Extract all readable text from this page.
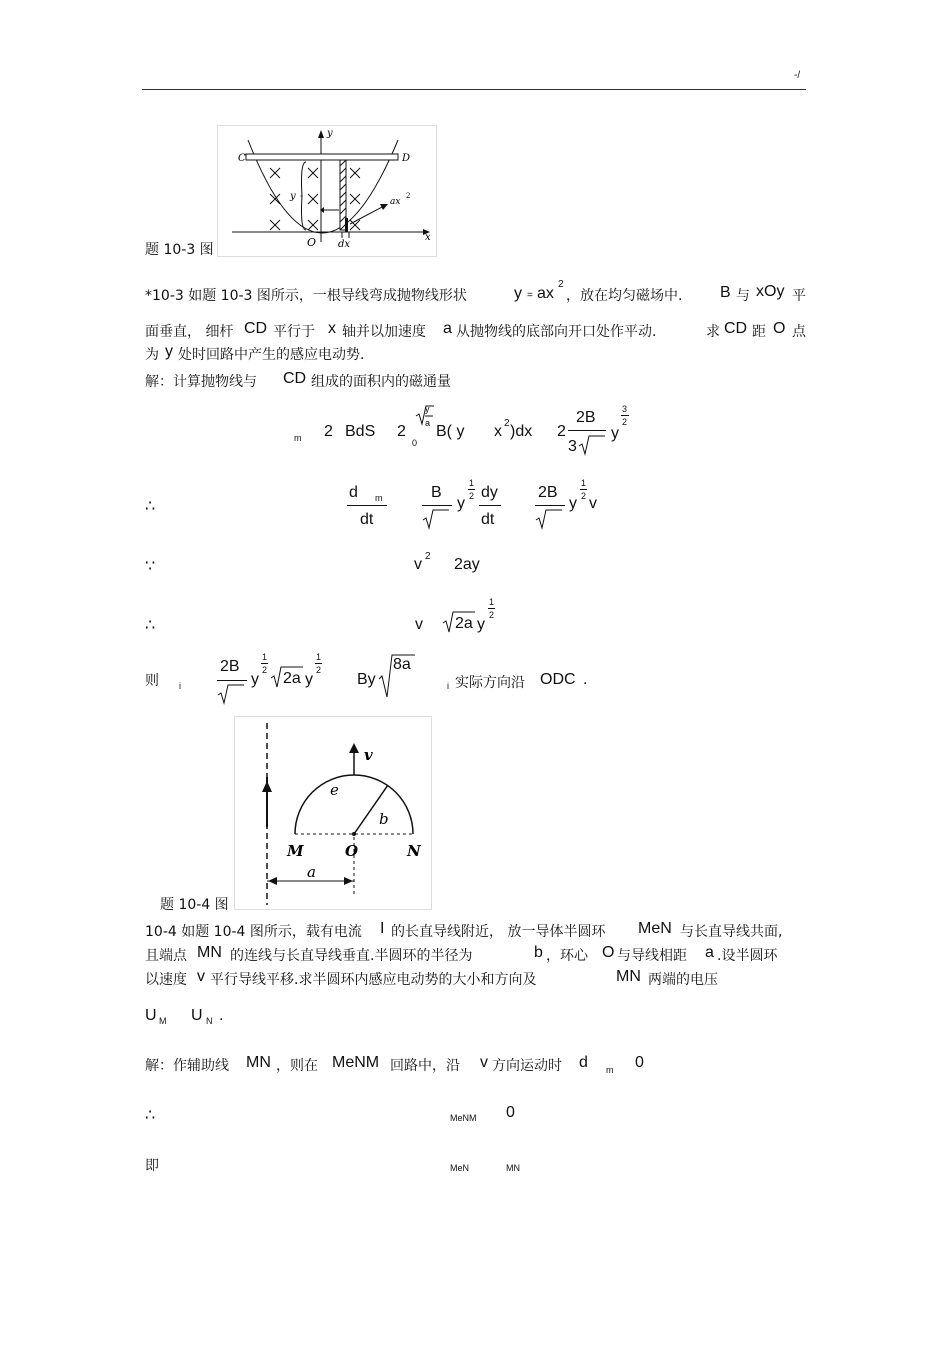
-/
C	D
y
x
O dx
y	ax
2
题 10-3 图
*10-3 如题 10-3 图所示，一根导线弯成抛物线形状	y = ax
2
，放在均匀磁场中. B 与 xOy 平
面垂直， 细杆 CD 平行于 x 轴并以加速度 a 从抛物线的底部向开口处作平动.	求 CD 距 O 点
为 y 处时回路中产生的感应电动势.
解：计算抛物线与 CD 组成的面积内的磁通量
m 2 BdS 2
y
a
0
B( y x 2 )dx 2
2B
3
y
3
2
∴
d m
dt
B
y
1
2 dy
dt
2B
y
1
2 v
∵	v 2 2ay
∴	v 2a y
1
2
则 i
2B
y
1
2 2a y
1
2
By
8a
i 实际方向沿 ODC .
v
e
b
M	O	N
a
题 10-4 图
10-4 如题 10-4 图所示，载有电流 I 的长直导线附近， 放一导体半圆环 MeN 与长直导线共面,
且端点 MN 的连线与长直导线垂直.半圆环的半径为	b ，环心 O 与导线相距 a .设半圆环
以速度 v 平行导线平移.求半圆环内感应电动势的大小和方向及	MN 两端的电压
U M U N .
解：作辅助线 MN ，则在 MeNM 回路中，沿 v 方向运动时 d m 0
∴	MeNM 0
即	MeN	MN
